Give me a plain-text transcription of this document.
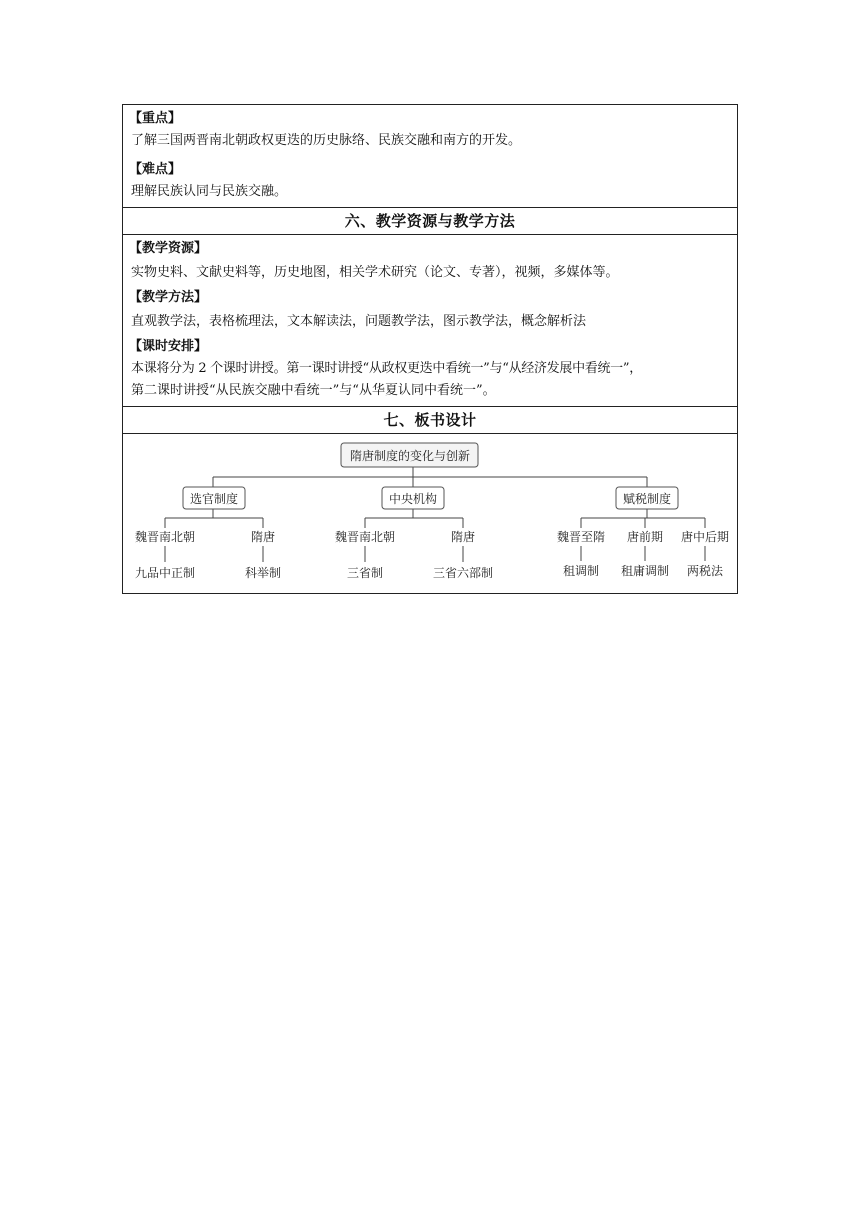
【重点】
了解三国两晋南北朝政权更迭的历史脉络、民族交融和南方的开发。
【难点】
理解民族认同与民族交融。
六、教学资源与教学方法
【教学资源】
实物史料、文献史料等，历史地图，相关学术研究（论文、专著），视频，多媒体等。
【教学方法】
直观教学法，表格梳理法，文本解读法，问题教学法，图示教学法，概念解析法
【课时安排】
本课将分为 2 个课时讲授。第一课时讲授“从政权更迭中看统一”与“从经济发展中看统一”，
第二课时讲授“从民族交融中看统一”与“从华夏认同中看统一”。
七、板书设计
隋唐制度的变化与创新
选官制度	中央机构	赋税制度
魏晋南北朝	隋唐
九品中正制	科举制
魏晋南北朝	隋唐
三省制	三省六部制
魏晋至隋 唐前期 唐中后期
租调制 租庸调制 两税法
